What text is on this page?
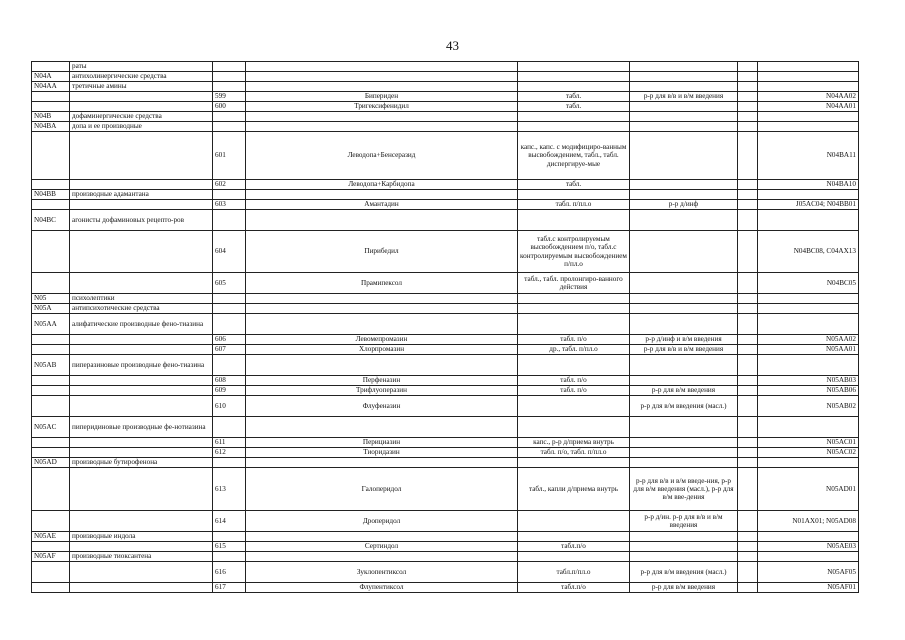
43
	раты						
N04A	антихолинергические средства						
N04AA	третичные амины						
		599	Бипериден	табл.	р-р для в/в и в/м введения		N04AA02
		600	Тригексифенидил	табл.			N04AA01
N04B	дофаминергические средства						
N04BA	допа и ее производные						
		601	Леводопа+Бенсеразид	капс., капс. с модифициро-ванным высвобождением, табл., табл. диспергируе-мые			N04BA11
		602	Леводопа+Карбидопа	табл.			N04BA10
N04BB	производные адамантана						
		603	Амантадин	табл. п/пл.о	р-р д/инф		J05AC04; N04BB01
N04BC	агонисты дофаминовых рецепто-ров						
		604	Пирибедил	табл.с контролируемым высвобождением п/о, табл.с контролируемым высвобождением п/пл.о			N04BC08, C04AX13
		605	Прамипексол	табл., табл. пролонгиро-ванного действия			N04BC05
N05	психолептики						
N05A	антипсихотические средства						
N05AA	алифатические производные фено-тиазина						
		606	Левомепромазин	табл. п/о	р-р д/инф и в/м введения		N05AA02
		607	Хлорпромазин	др., табл. п/пл.о	р-р для в/в и в/м введения		N05AA01
N05AB	пиперазиновые производные фено-тиазина						
		608	Перфеназин	табл. п/о			N05AB03
		609	Трифлуоперазин	табл. п/о	р-р для в/м введения		N05AB06
		610	Флуфеназин		р-р для в/м введения (масл.)		N05AB02
N05AC	пиперидиновые производные фе-нотиазина						
		611	Перициазин	капс., р-р д/приема внутрь			N05AC01
		612	Тиоридазин	табл. п/о, табл. п/пл.о			N05AC02
N05AD	производные бутирофенона						
		613	Галоперидол	табл., капли д/приема внутрь	р-р для в/в и в/м введе-ния, р-р для в/м введения (масл.), р-р для в/м вве-дения		N05AD01
		614	Дроперидол		р-р д/ин. р-р для в/в и в/м введения		N01AX01; N05AD08
N05AE	производные индола						
		615	Сертиндол	табл.п/о			N05AE03
N05AF	производные тиоксантена						
		616	Зуклопентиксол	табл.п/пл.о	р-р для в/м введения (масл.)		N05AF05
		617	Флупентиксол	табл.п/о	р-р для в/м введения		N05AF01
